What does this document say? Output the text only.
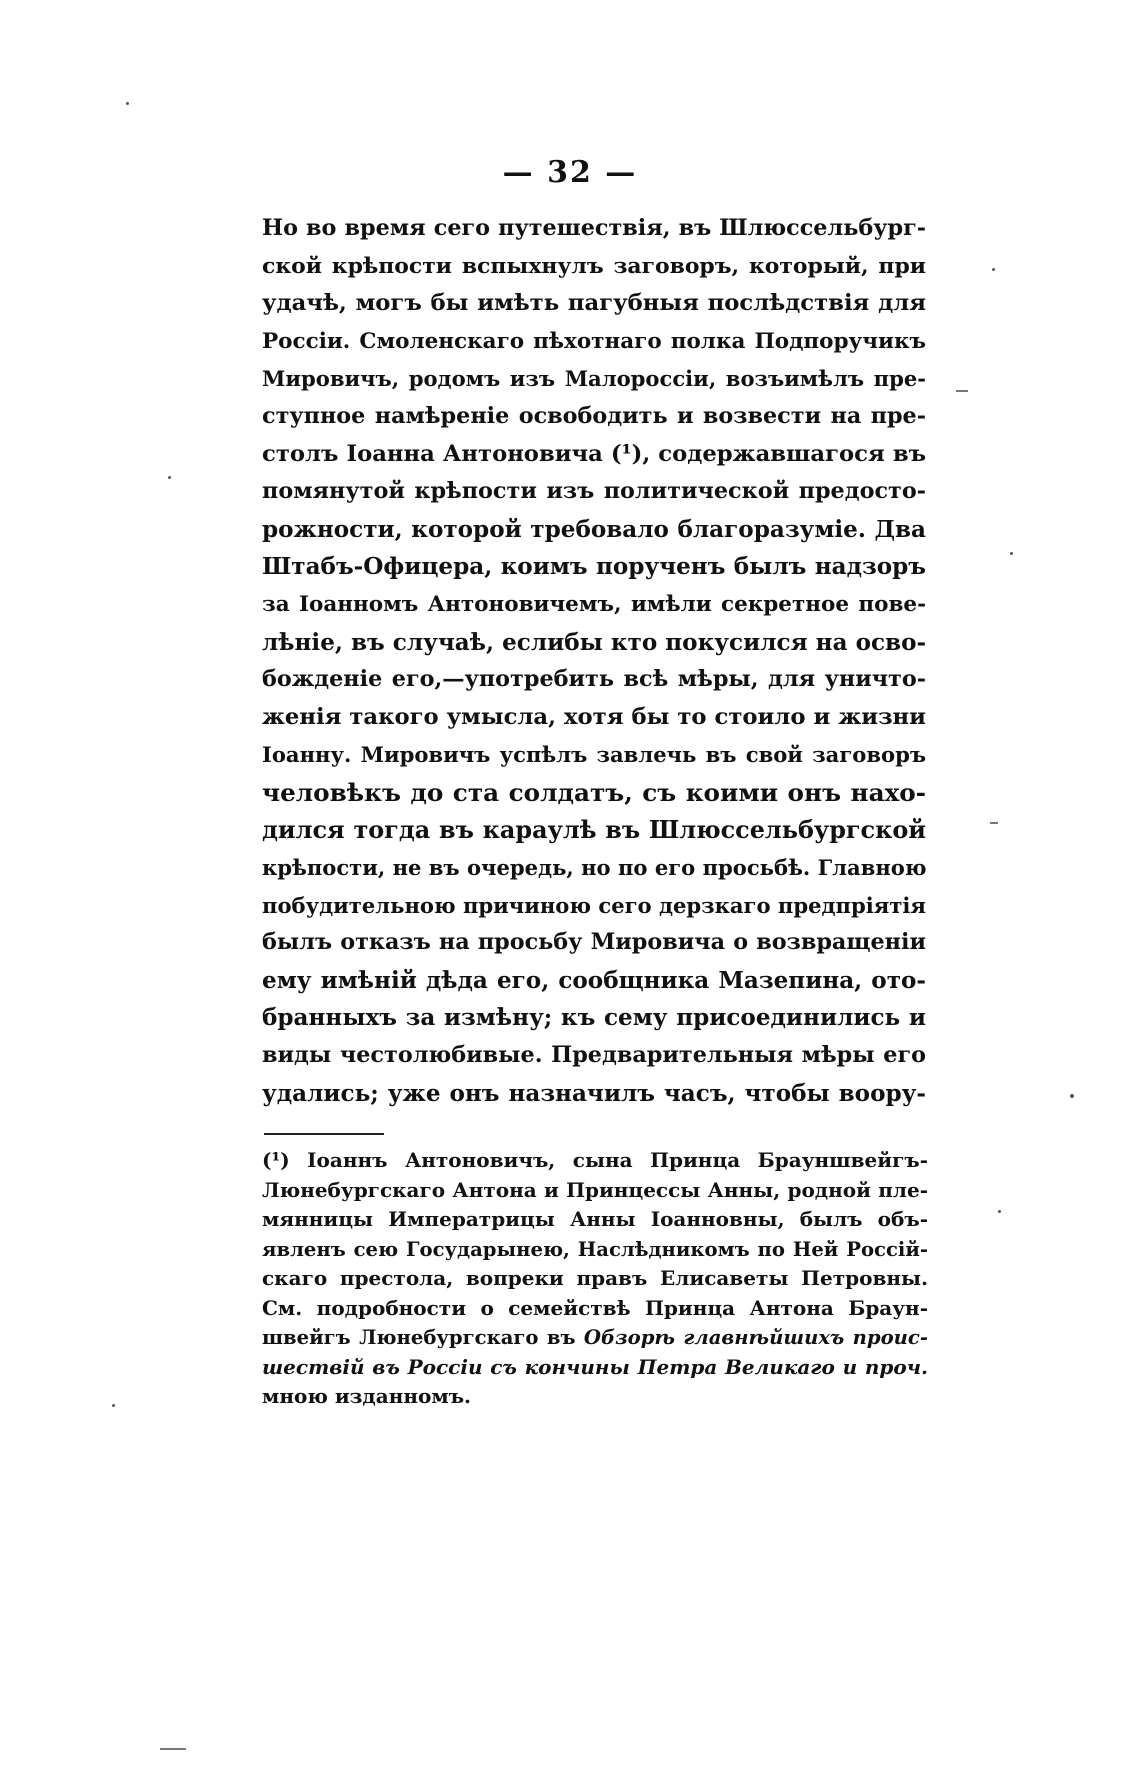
— 32 —
Но во время сего путешествія, въ Шлюссельбург-
ской крѣпости вспыхнулъ заговоръ, который, при
удачѣ, могъ бы имѣть пагубныя послѣдствія для
Россіи. Смоленскаго пѣхотнаго полка Подпоручикъ
Мировичъ, родомъ изъ Малороссіи, возъимѣлъ пре-
ступное намѣреніе освободить и возвести на пре-
столъ Іоанна Антоновича (¹), содержавшагося въ
помянутой крѣпости изъ политической предосто-
рожности, которой требовало благоразуміе. Два
Штабъ-Офицера, коимъ порученъ былъ надзоръ
за Іоанномъ Антоновичемъ, имѣли секретное пове-
лѣніе, въ случаѣ, еслибы кто покусился на осво-
божденіе его,—употребить всѣ мѣры, для уничто-
женія такого умысла, хотя бы то стоило и жизни
Іоанну. Мировичъ успѣлъ завлечь въ свой заговоръ
человѣкъ до ста солдатъ, съ коими онъ нахо-
дился тогда въ караулѣ въ Шлюссельбургской
крѣпости, не въ очередь, но по его просьбѣ. Главною
побудительною причиною сего дерзкаго предпріятія
былъ отказъ на просьбу Мировича о возвращеніи
ему имѣній дѣда его, сообщника Мазепина, ото-
бранныхъ за измѣну; къ сему присоединились и
виды честолюбивые. Предварительныя мѣры его
удались; уже онъ назначилъ часъ, чтобы воору-
(¹) Іоаннъ Антоновичъ, сына Принца Брауншвейгъ-
Люнебургскаго Антона и Принцессы Анны, родной пле-
мянницы Императрицы Анны Іоанновны, былъ объ-
явленъ сею Государынею, Наслѣдникомъ по Ней Россій-
скаго престола, вопреки правъ Елисаветы Петровны.
См. подробности о семействѣ Принца Антона Браун-
швейгъ Люнебургскаго въ Обзорѣ главнѣйшихъ проис-
шествій въ Россіи съ кончины Петра Великаго и проч.
мною изданномъ.
